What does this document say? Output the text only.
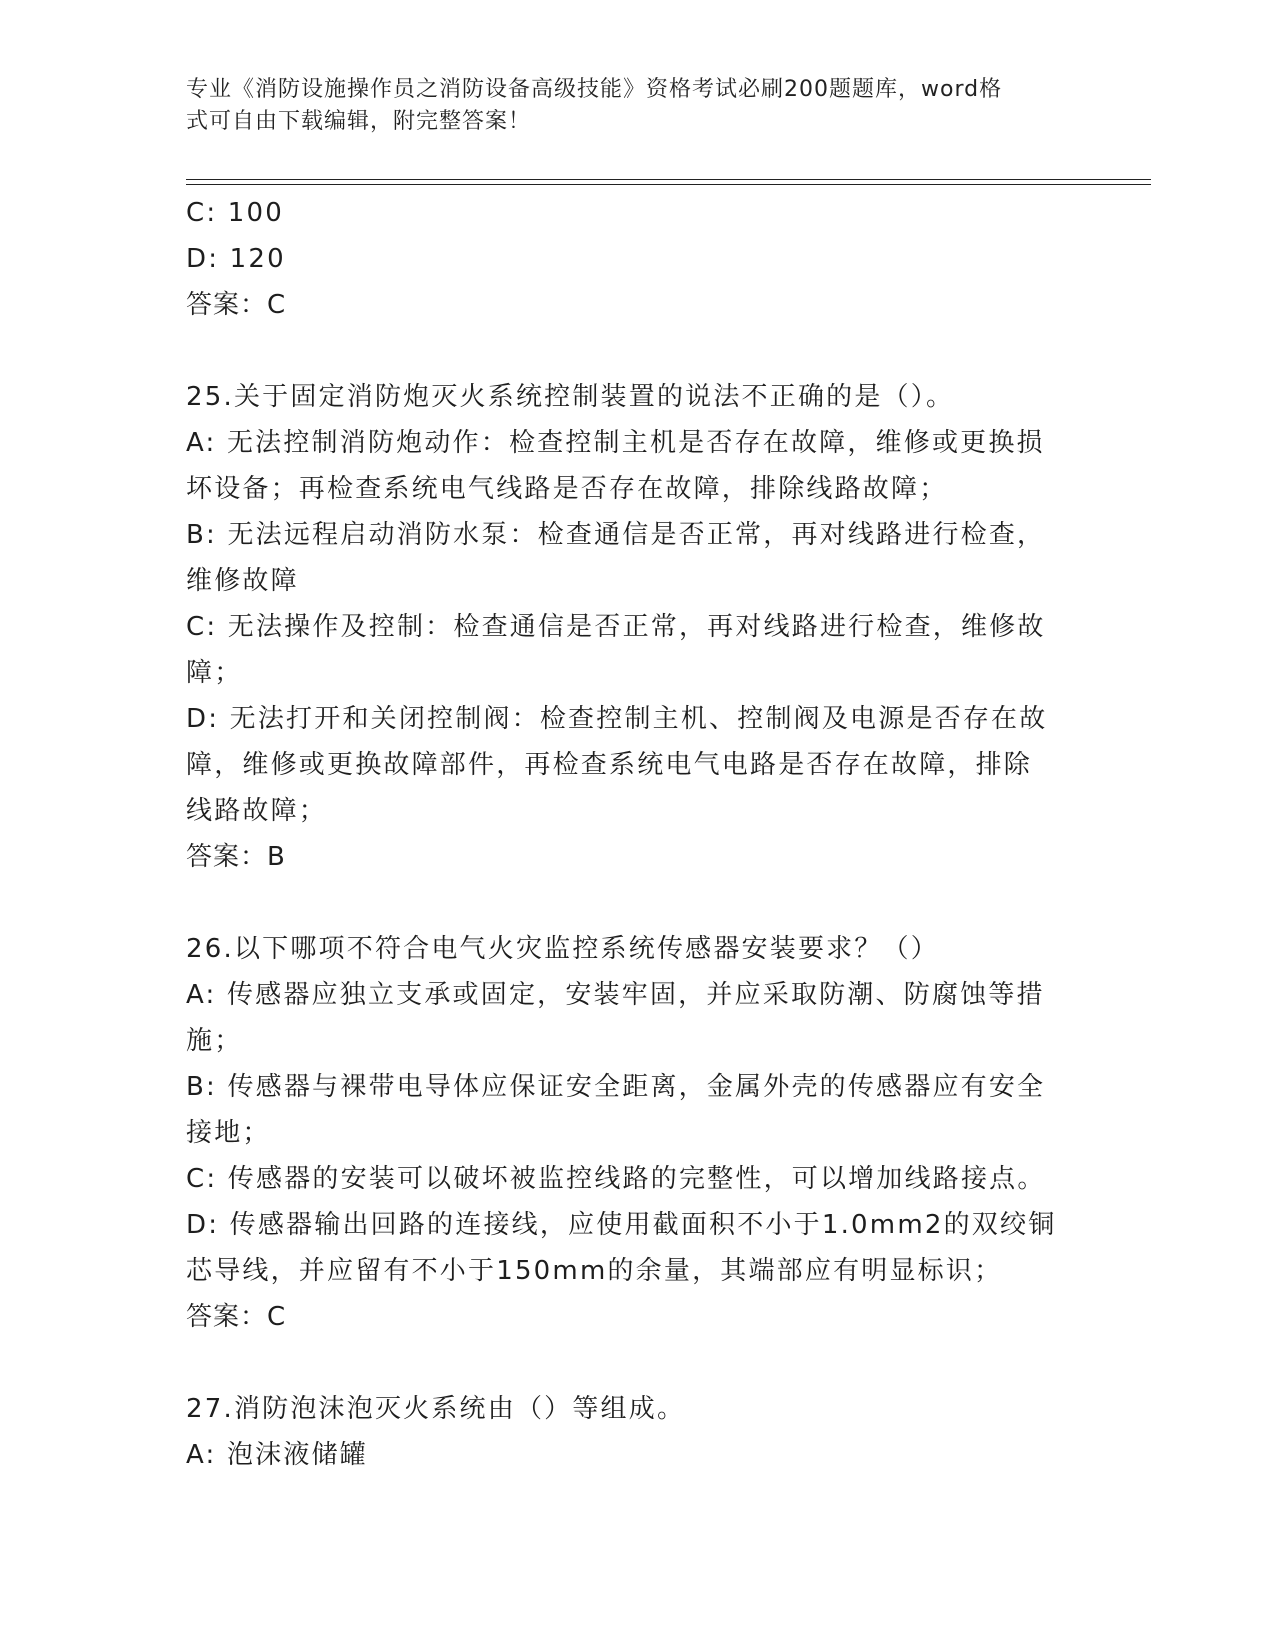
专业《消防设施操作员之消防设备高级技能》资格考试必刷200题题库，word格
式可自由下载编辑，附完整答案！
C: 100
D: 120
答案：C
25.关于固定消防炮灭火系统控制装置的说法不正确的是（）。
A: 无法控制消防炮动作：检查控制主机是否存在故障，维修或更换损
坏设备；再检查系统电气线路是否存在故障，排除线路故障；
B: 无法远程启动消防水泵：检查通信是否正常，再对线路进行检查，
维修故障
C: 无法操作及控制：检查通信是否正常，再对线路进行检查，维修故
障；
D: 无法打开和关闭控制阀：检查控制主机、控制阀及电源是否存在故
障，维修或更换故障部件，再检查系统电气电路是否存在故障，排除
线路故障；
答案：B
26.以下哪项不符合电气火灾监控系统传感器安装要求？（）
A: 传感器应独立支承或固定，安装牢固，并应采取防潮、防腐蚀等措
施；
B: 传感器与裸带电导体应保证安全距离，金属外壳的传感器应有安全
接地；
C: 传感器的安装可以破坏被监控线路的完整性，可以增加线路接点。
D: 传感器输出回路的连接线，应使用截面积不小于1.0mm2的双绞铜
芯导线，并应留有不小于150mm的余量，其端部应有明显标识；
答案：C
27.消防泡沫泡灭火系统由（）等组成。
A: 泡沫液储罐
